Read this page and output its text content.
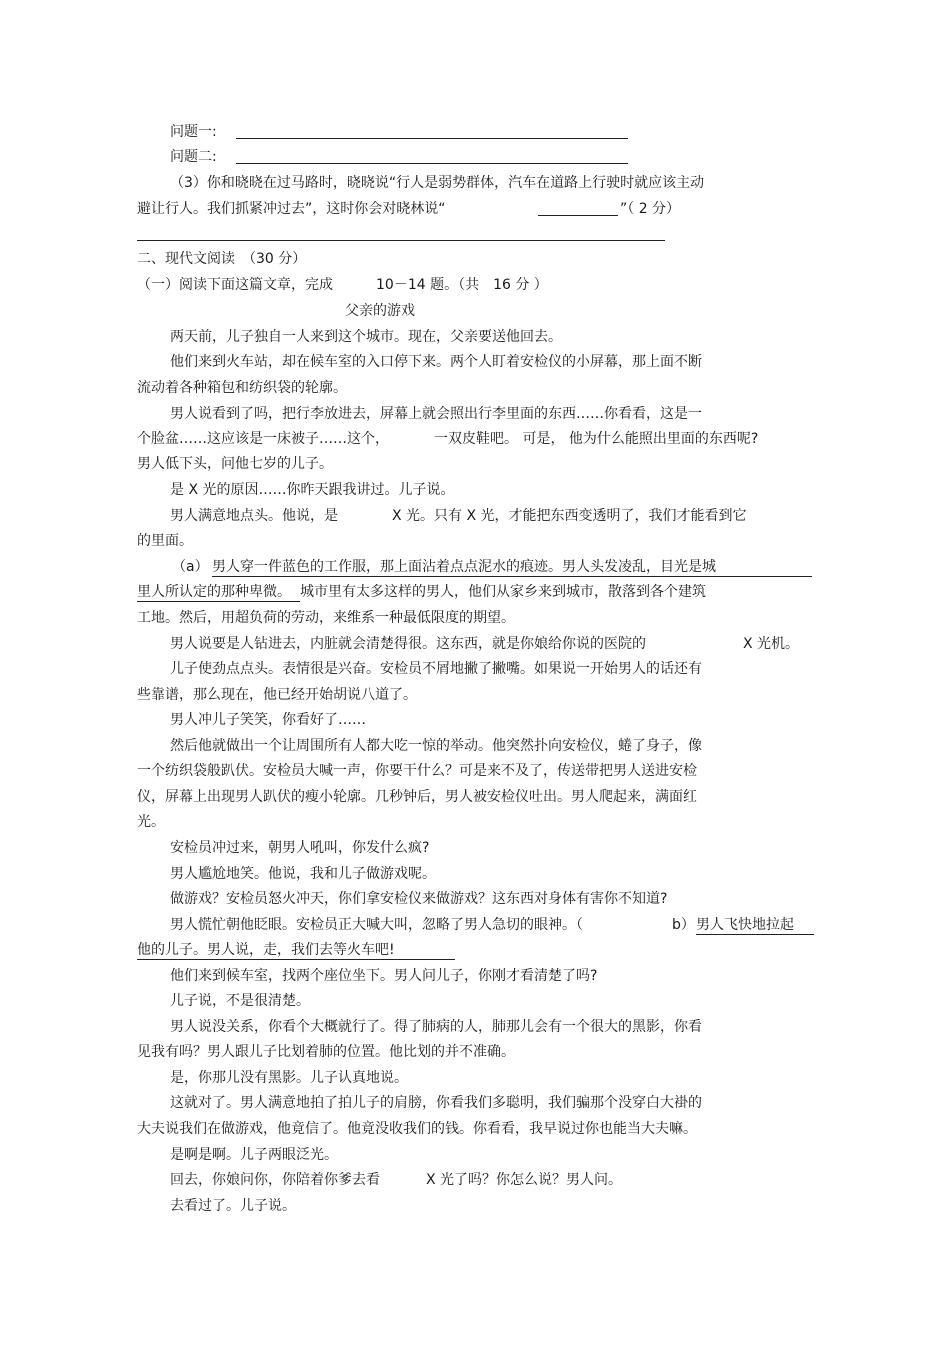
问题一:
问题二:
（3）你和晓晓在过马路时，晓晓说“行人是弱势群体，汽车在道路上行驶时就应该主动
避让行人。我们抓紧冲过去”，这时你会对晓林说“	”（ 2 分）
二、现代文阅读　（30 分）
（一）阅读下面这篇文章，完成	10－14 题。（共　16 分 ）
父亲的游戏
两天前，儿子独自一人来到这个城市。现在，父亲要送他回去。
他们来到火车站，却在候车室的入口停下来。两个人盯着安检仪的小屏幕，那上面不断
流动着各种箱包和纺织袋的轮廓。
男人说看到了吗，把行李放进去，屏幕上就会照出行李里面的东西……你看看，这是一
个脸盆……这应该是一床被子……这个，	一双皮鞋吧。 可是， 他为什么能照出里面的东西呢?
男人低下头，问他七岁的儿子。
是 X 光的原因……你昨天跟我讲过。儿子说。
男人满意地点头。他说，是	X 光。只有 X 光，才能把东西变透明了，我们才能看到它
的里面。
（a） 男人穿一件蓝色的工作服，那上面沾着点点泥水的痕迹。男人头发凌乱，目光是城
里人所认定的那种卑微。 城市里有太多这样的男人，他们从家乡来到城市，散落到各个建筑
工地。然后，用超负荷的劳动，来维系一种最低限度的期望。
男人说要是人钻进去，内脏就会清楚得很。这东西，就是你娘给你说的医院的	X 光机。
儿子使劲点点头。表情很是兴奋。安检员不屑地撇了撇嘴。如果说一开始男人的话还有
些靠谱，那么现在，他已经开始胡说八道了。
男人冲儿子笑笑，你看好了……
然后他就做出一个让周围所有人都大吃一惊的举动。他突然扑向安检仪，蜷了身子，像
一个纺织袋般趴伏。安检员大喊一声，你要干什么？可是来不及了，传送带把男人送进安检
仪，屏幕上出现男人趴伏的瘦小轮廓。几秒钟后，男人被安检仪吐出。男人爬起来，满面红
光。
安检员冲过来，朝男人吼叫，你发什么疯?
男人尴尬地笑。他说，我和儿子做游戏呢。
做游戏？安检员怒火冲天，你们拿安检仪来做游戏？这东西对身体有害你不知道?
男人慌忙朝他眨眼。安检员正大喊大叫，忽略了男人急切的眼神。（	b） 男人飞快地拉起
他的儿子。男人说，走，我们去等火车吧!
他们来到候车室，找两个座位坐下。男人问儿子，你刚才看清楚了吗?
儿子说，不是很清楚。
男人说没关系，你看个大概就行了。得了肺病的人，肺那儿会有一个很大的黑影，你看
见我有吗？男人跟儿子比划着肺的位置。他比划的并不准确。
是，你那儿没有黑影。儿子认真地说。
这就对了。男人满意地拍了拍儿子的肩膀，你看我们多聪明，我们骗那个没穿白大褂的
大夫说我们在做游戏，他竟信了。他竟没收我们的钱。你看看，我早说过你也能当大夫嘛。
是啊是啊。儿子两眼泛光。
回去，你娘问你，你陪着你爹去看	X 光了吗？你怎么说？男人问。
去看过了。儿子说。
